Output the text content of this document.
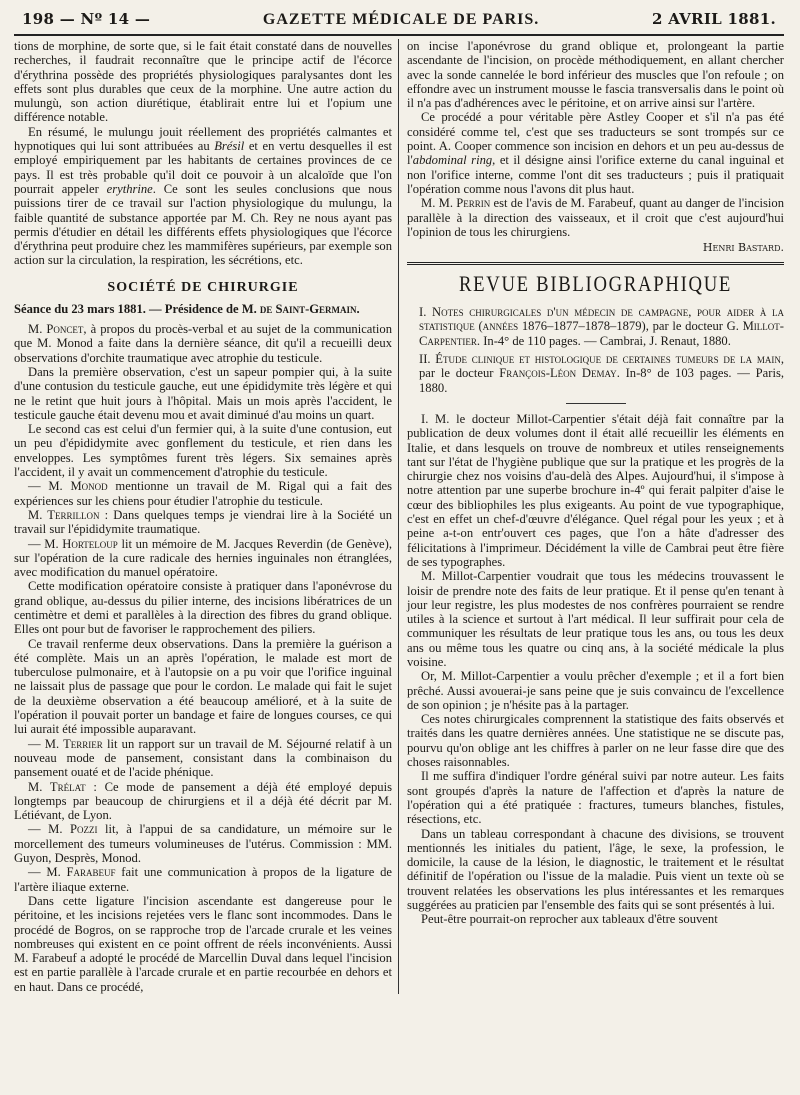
198 — Nº 14 —	GAZETTE MÉDICALE DE PARIS.	2 AVRIL 1881.

tions de morphine, de sorte que, si le fait était constaté dans de nouvelles recherches, il faudrait reconnaître que le principe actif de l'écorce d'érythrina possède des propriétés physiologiques paralysantes dont les effets sont plus durables que ceux de la morphine. Une autre action du mulungù, son action diurétique, établirait entre lui et l'opium une différence notable.

En résumé, le mulungu jouit réellement des propriétés calmantes et hypnotiques qui lui sont attribuées au Brésil et en vertu desquelles il est employé empiriquement par les habitants de certaines provinces de ce pays. Il est très probable qu'il doit ce pouvoir à un alcaloïde que l'on pourrait appeler erythrine. Ce sont les seules conclusions que nous puissions tirer de ce travail sur l'action physiologique du mulungu, la faible quantité de substance apportée par M. Ch. Rey ne nous ayant pas permis d'étudier en détail les différents effets physiologiques que l'écorce d'érythrina peut produire chez les mammifères supérieurs, par exemple son action sur la circulation, la respiration, les sécrétions, etc.

SOCIÉTÉ DE CHIRURGIE

Séance du 23 mars 1881. — Présidence de M. de Saint-Germain.

M. Poncet, à propos du procès-verbal et au sujet de la communication que M. Monod a faite dans la dernière séance, dit qu'il a recueilli deux observations d'orchite traumatique avec atrophie du testicule.

Dans la première observation, c'est un sapeur pompier qui, à la suite d'une contusion du testicule gauche, eut une épididymite très légère et qui ne le retint que huit jours à l'hôpital. Mais un mois après l'accident, le testicule gauche était devenu mou et avait diminué d'au moins un quart.

Le second cas est celui d'un fermier qui, à la suite d'une contusion, eut un peu d'épididymite avec gonflement du testicule, et rien dans les enveloppes. Les symptômes furent très légers. Six semaines après l'accident, il y avait un commencement d'atrophie du testicule.

— M. Monod mentionne un travail de M. Rigal qui a fait des expériences sur les chiens pour étudier l'atrophie du testicule.

M. Terrillon : Dans quelques temps je viendrai lire à la Société un travail sur l'épididymite traumatique.

— M. Horteloup lit un mémoire de M. Jacques Reverdin (de Genève), sur l'opération de la cure radicale des hernies inguinales non étranglées, avec modification du manuel opératoire.

Cette modification opératoire consiste à pratiquer dans l'aponévrose du grand oblique, au-dessus du pilier interne, des incisions libératrices de un centimètre et demi et parallèles à la direction des fibres du grand oblique. Elles ont pour but de favoriser le rapprochement des piliers.

Ce travail renferme deux observations. Dans la première la guérison a été complète. Mais un an après l'opération, le malade est mort de tuberculose pulmonaire, et à l'autopsie on a pu voir que l'orifice inguinal ne laissait plus de passage que pour le cordon. Le malade qui fait le sujet de la deuxième observation a été beaucoup amélioré, et à la suite de l'opération il pouvait porter un bandage et faire de longues courses, ce qui lui aurait été impossible auparavant.

— M. Terrier lit un rapport sur un travail de M. Séjourné relatif à un nouveau mode de pansement, consistant dans la combinaison du pansement ouaté et de l'acide phénique.

M. Trélat : Ce mode de pansement a déjà été employé depuis longtemps par beaucoup de chirurgiens et il a déjà été décrit par M. Létiévant, de Lyon.

— M. Pozzi lit, à l'appui de sa candidature, un mémoire sur le morcellement des tumeurs volumineuses de l'utérus. Commission : MM. Guyon, Desprès, Monod.

— M. Farabeuf fait une communication à propos de la ligature de l'artère iliaque externe.

Dans cette ligature l'incision ascendante est dangereuse pour le péritoine, et les incisions rejetées vers le flanc sont incommodes. Dans le procédé de Bogros, on se rapproche trop de l'arcade crurale et les veines nombreuses qui existent en ce point offrent de réels inconvénients. Aussi M. Farabeuf a adopté le procédé de Marcellin Duval dans lequel l'incision est en partie parallèle à l'arcade crurale et en partie recourbée en dehors et en haut. Dans ce procédé,

on incise l'aponévrose du grand oblique et, prolongeant la partie ascendante de l'incision, on procède méthodiquement, en allant chercher avec la sonde cannelée le bord inférieur des muscles que l'on refoule ; on effondre avec un instrument mousse le fascia transversalis dans le point où il n'a pas d'adhérences avec le péritoine, et on arrive ainsi sur l'artère.

Ce procédé a pour véritable père Astley Cooper et s'il n'a pas été considéré comme tel, c'est que ses traducteurs se sont trompés sur ce point. A. Cooper commence son incision en dehors et un peu au-dessus de l'abdominal ring, et il désigne ainsi l'orifice externe du canal inguinal et non l'orifice interne, comme l'ont dit ses traducteurs ; puis il pratiquait l'opération comme nous l'avons dit plus haut.

M. M. Perrin est de l'avis de M. Farabeuf, quant au danger de l'incision parallèle à la direction des vaisseaux, et il croit que c'est aujourd'hui l'opinion de tous les chirurgiens.

Henri Bastard.
REVUE BIBLIOGRAPHIQUE

I. Notes chirurgicales d'un médecin de campagne, pour aider à la statistique (années 1876–1877–1878–1879), par le docteur G. Millot-Carpentier. In-4° de 110 pages. — Cambrai, J. Renaut, 1880.

II. Étude clinique et histologique de certaines tumeurs de la main, par le docteur François-Léon Demay. In-8° de 103 pages. — Paris, 1880.

I. M. le docteur Millot-Carpentier s'était déjà fait connaître par la publication de deux volumes dont il était allé recueillir les éléments en Italie, et dans lesquels on trouve de nombreux et utiles renseignements tant sur l'état de l'hygiène publique que sur la pratique et les progrès de la chirurgie chez nos voisins d'au-delà des Alpes. Aujourd'hui, il s'impose à notre attention par une superbe brochure in-4º qui ferait palpiter d'aise le cœur des bibliophiles les plus exigeants. Au point de vue typographique, c'est en effet un chef-d'œuvre d'élégance. Quel régal pour les yeux ; et à peine a-t-on entr'ouvert ces pages, que l'on a hâte d'adresser des félicitations à l'imprimeur. Décidément la ville de Cambrai peut être fière de ses typographes.

M. Millot-Carpentier voudrait que tous les médecins trouvassent le loisir de prendre note des faits de leur pratique. Et il pense qu'en tenant à jour leur registre, les plus modestes de nos confrères pourraient se rendre utiles à la science et surtout à l'art médical. Il leur suffirait pour cela de communiquer les résultats de leur pratique tous les ans, ou tous les deux ans ou même tous les quatre ou cinq ans, à la société médicale la plus voisine.

Or, M. Millot-Carpentier a voulu prêcher d'exemple ; et il a fort bien prêché. Aussi avouerai-je sans peine que je suis convaincu de l'excellence de son opinion ; je n'hésite pas à la partager.

Ces notes chirurgicales comprennent la statistique des faits observés et traités dans les quatre dernières années. Une statistique ne se discute pas, pourvu qu'on oblige ant les chiffres à parler on ne leur fasse dire que des choses raisonnables.

Il me suffira d'indiquer l'ordre général suivi par notre auteur. Les faits sont groupés d'après la nature de l'affection et d'après la nature de l'opération qui a été pratiquée : fractures, tumeurs blanches, fistules, résections, etc.

Dans un tableau correspondant à chacune des divisions, se trouvent mentionnés les initiales du patient, l'âge, le sexe, la profession, le domicile, la cause de la lésion, le diagnostic, le traitement et le résultat définitif de l'opération ou l'issue de la maladie. Puis vient un texte où se trouvent relatées les observations les plus intéressantes et les remarques suggérées au praticien par l'ensemble des faits qui se sont présentés à lui.

Peut-être pourrait-on reprocher aux tableaux d'être souvent
